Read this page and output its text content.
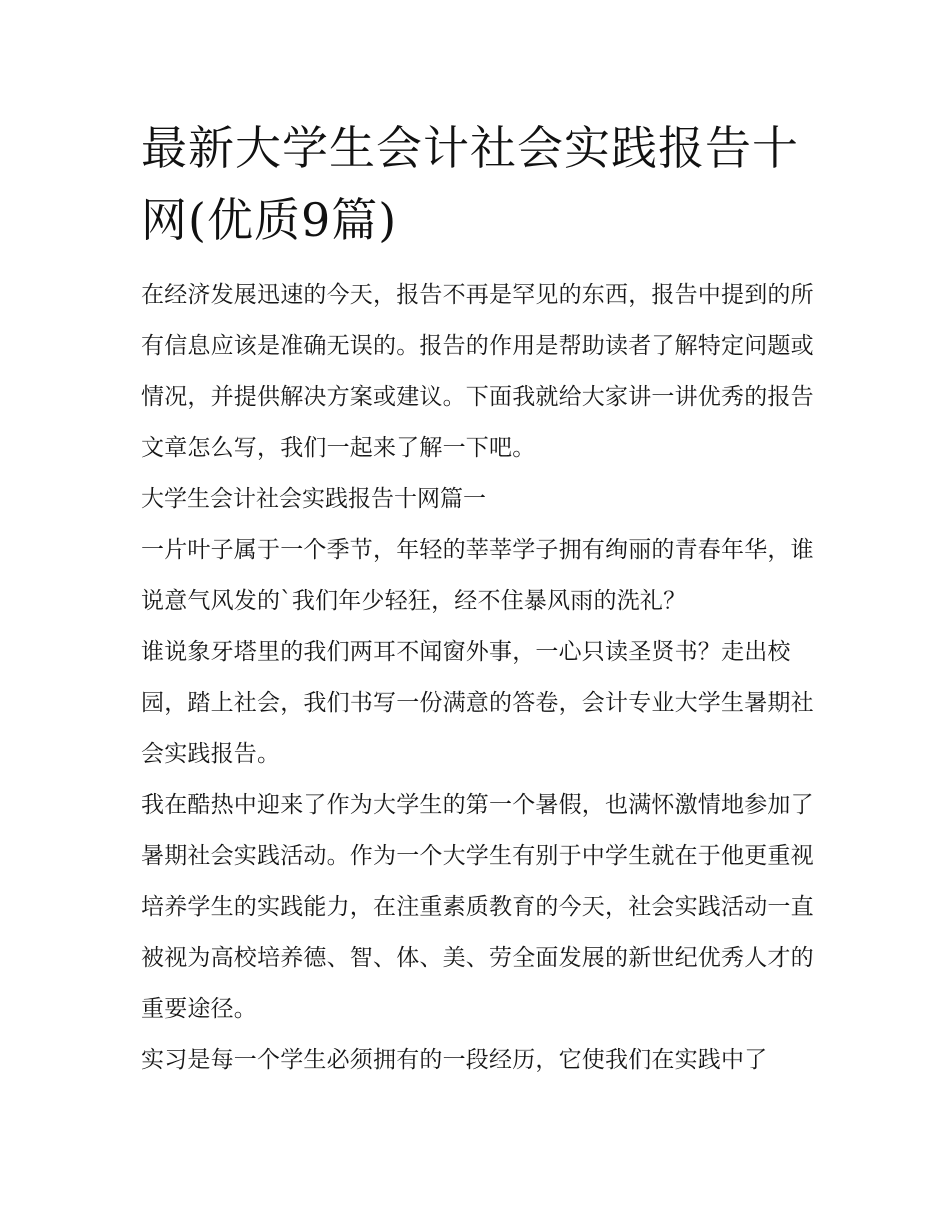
最新大学生会计社会实践报告十网(优质9篇)

在经济发展迅速的今天，报告不再是罕见的东西，报告中提到的所有信息应该是准确无误的。报告的作用是帮助读者了解特定问题或情况，并提供解决方案或建议。下面我就给大家讲一讲优秀的报告文章怎么写，我们一起来了解一下吧。

大学生会计社会实践报告十网篇一

一片叶子属于一个季节，年轻的莘莘学子拥有绚丽的青春年华，谁说意气风发的`我们年少轻狂，经不住暴风雨的洗礼？

谁说象牙塔里的我们两耳不闻窗外事，一心只读圣贤书？走出校园，踏上社会，我们书写一份满意的答卷，会计专业大学生暑期社会实践报告。

我在酷热中迎来了作为大学生的第一个暑假，也满怀激情地参加了暑期社会实践活动。作为一个大学生有别于中学生就在于他更重视培养学生的实践能力，在注重素质教育的今天，社会实践活动一直被视为高校培养德、智、体、美、劳全面发展的新世纪优秀人才的重要途径。

实习是每一个学生必须拥有的一段经历，它使我们在实践中了
